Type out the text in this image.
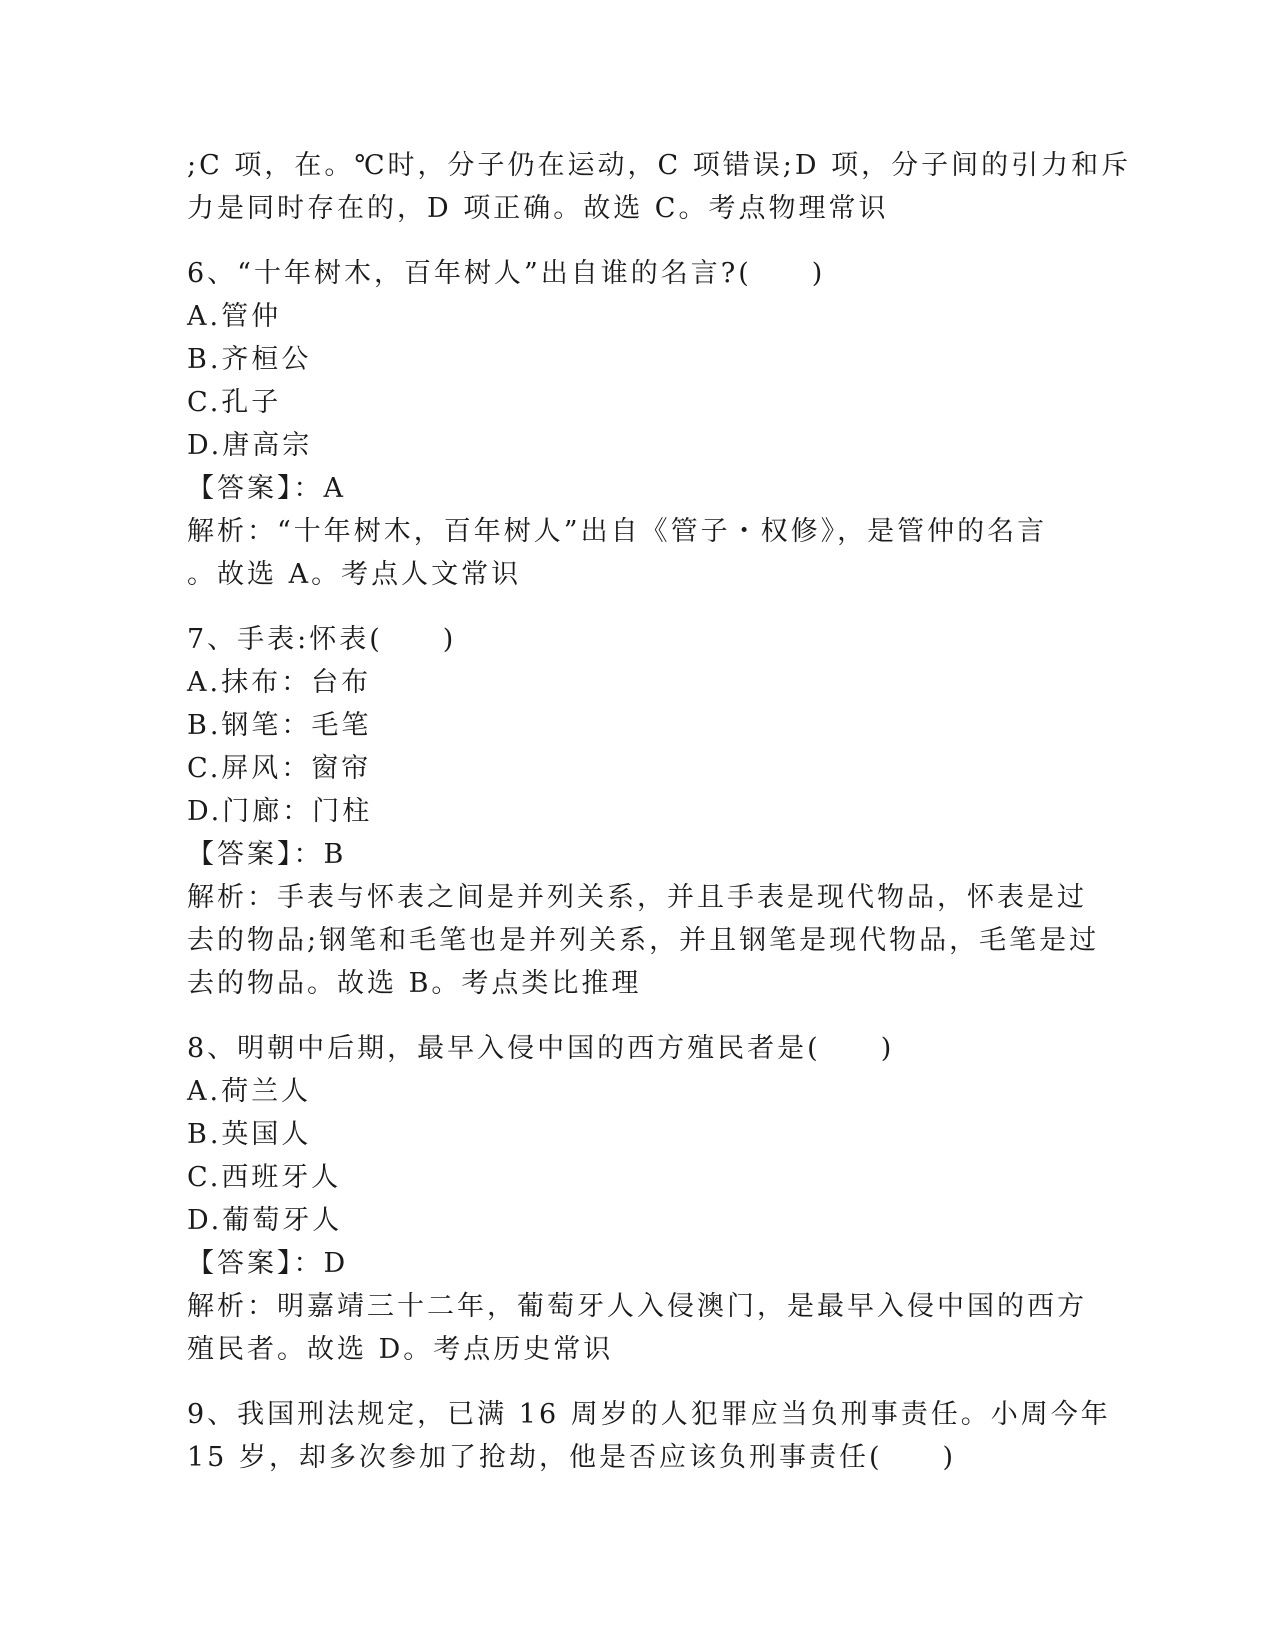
;C 项，在。℃时，分子仍在运动，C 项错误;D 项，分子间的引力和斥
力是同时存在的，D 项正确。故选 C。考点物理常识
6、“十年树木，百年树人”出自谁的名言?(　　)
A.管仲
B.齐桓公
C.孔子
D.唐高宗
【答案】：A
解析：“十年树木，百年树人”出自《管子・权修》，是管仲的名言
。故选 A。考点人文常识
7、手表:怀表(　　)
A.抹布：台布
B.钢笔：毛笔
C.屏风：窗帘
D.门廊：门柱
【答案】：B
解析：手表与怀表之间是并列关系，并且手表是现代物品，怀表是过
去的物品;钢笔和毛笔也是并列关系，并且钢笔是现代物品，毛笔是过
去的物品。故选 B。考点类比推理
8、明朝中后期，最早入侵中国的西方殖民者是(　　)
A.荷兰人
B.英国人
C.西班牙人
D.葡萄牙人
【答案】：D
解析：明嘉靖三十二年，葡萄牙人入侵澳门，是最早入侵中国的西方
殖民者。故选 D。考点历史常识
9、我国刑法规定，已满 16 周岁的人犯罪应当负刑事责任。小周今年
15 岁，却多次参加了抢劫，他是否应该负刑事责任(　　)
